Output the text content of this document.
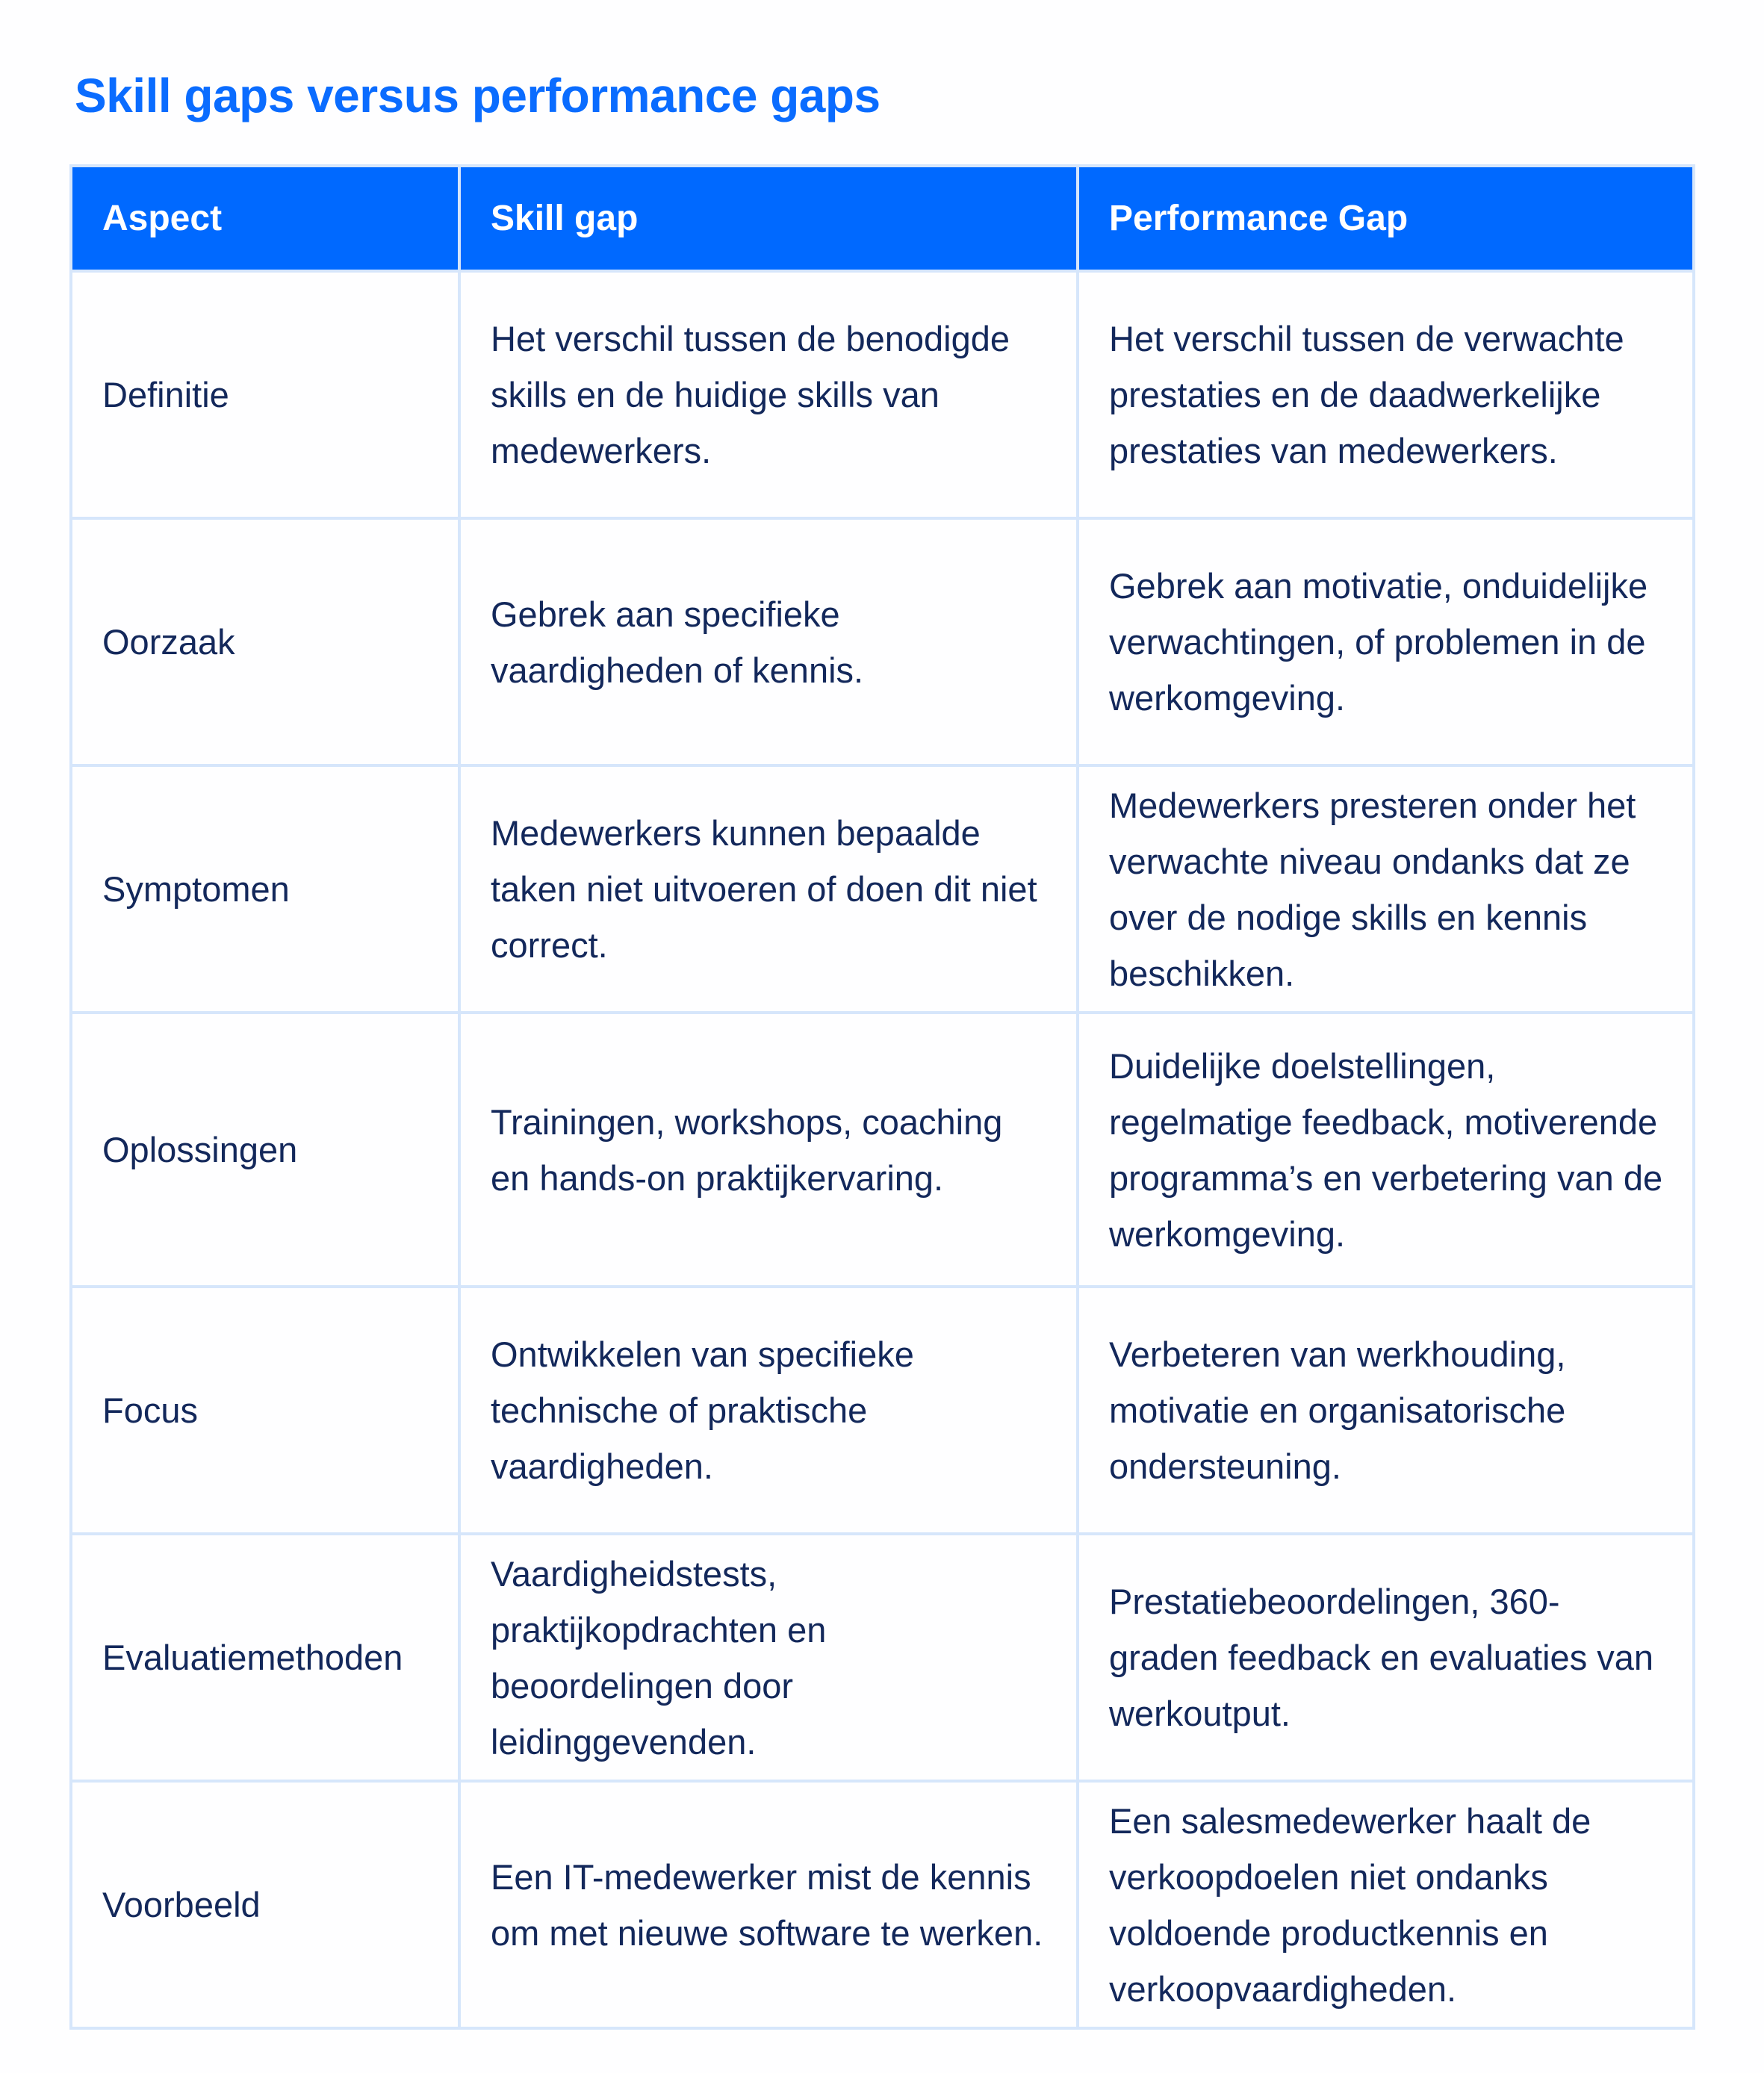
Skill gaps versus performance gaps
Aspect	Skill gap	Performance Gap
Definitie	Het verschil tussen de benodigde skills en de huidige skills van medewerkers.	Het verschil tussen de verwachte prestaties en de daadwerkelijke prestaties van medewerkers.
Oorzaak	Gebrek aan specifieke vaardigheden of kennis.	Gebrek aan motivatie, onduidelijke verwachtingen, of problemen in de werkomgeving.
Symptomen	Medewerkers kunnen bepaalde taken niet uitvoeren of doen dit niet correct.	Medewerkers presteren onder het verwachte niveau ondanks dat ze over de nodige skills en kennis beschikken.
Oplossingen	Trainingen, workshops, coaching en hands-on praktijkervaring.	Duidelijke doelstellingen, regelmatige feedback, motiverende programma’s en verbetering van de werkomgeving.
Focus	Ontwikkelen van specifieke technische of praktische vaardigheden.	Verbeteren van werkhouding, motivatie en organisatorische ondersteuning.
Evaluatiemethoden	Vaardigheidstests, praktijkopdrachten en beoordelingen door leidinggevenden.	Prestatiebeoordelingen, 360-graden feedback en evaluaties van werkoutput.
Voorbeeld	Een IT-medewerker mist de kennis om met nieuwe software te werken.	Een salesmedewerker haalt de verkoopdoelen niet ondanks voldoende productkennis en verkoopvaardigheden.
